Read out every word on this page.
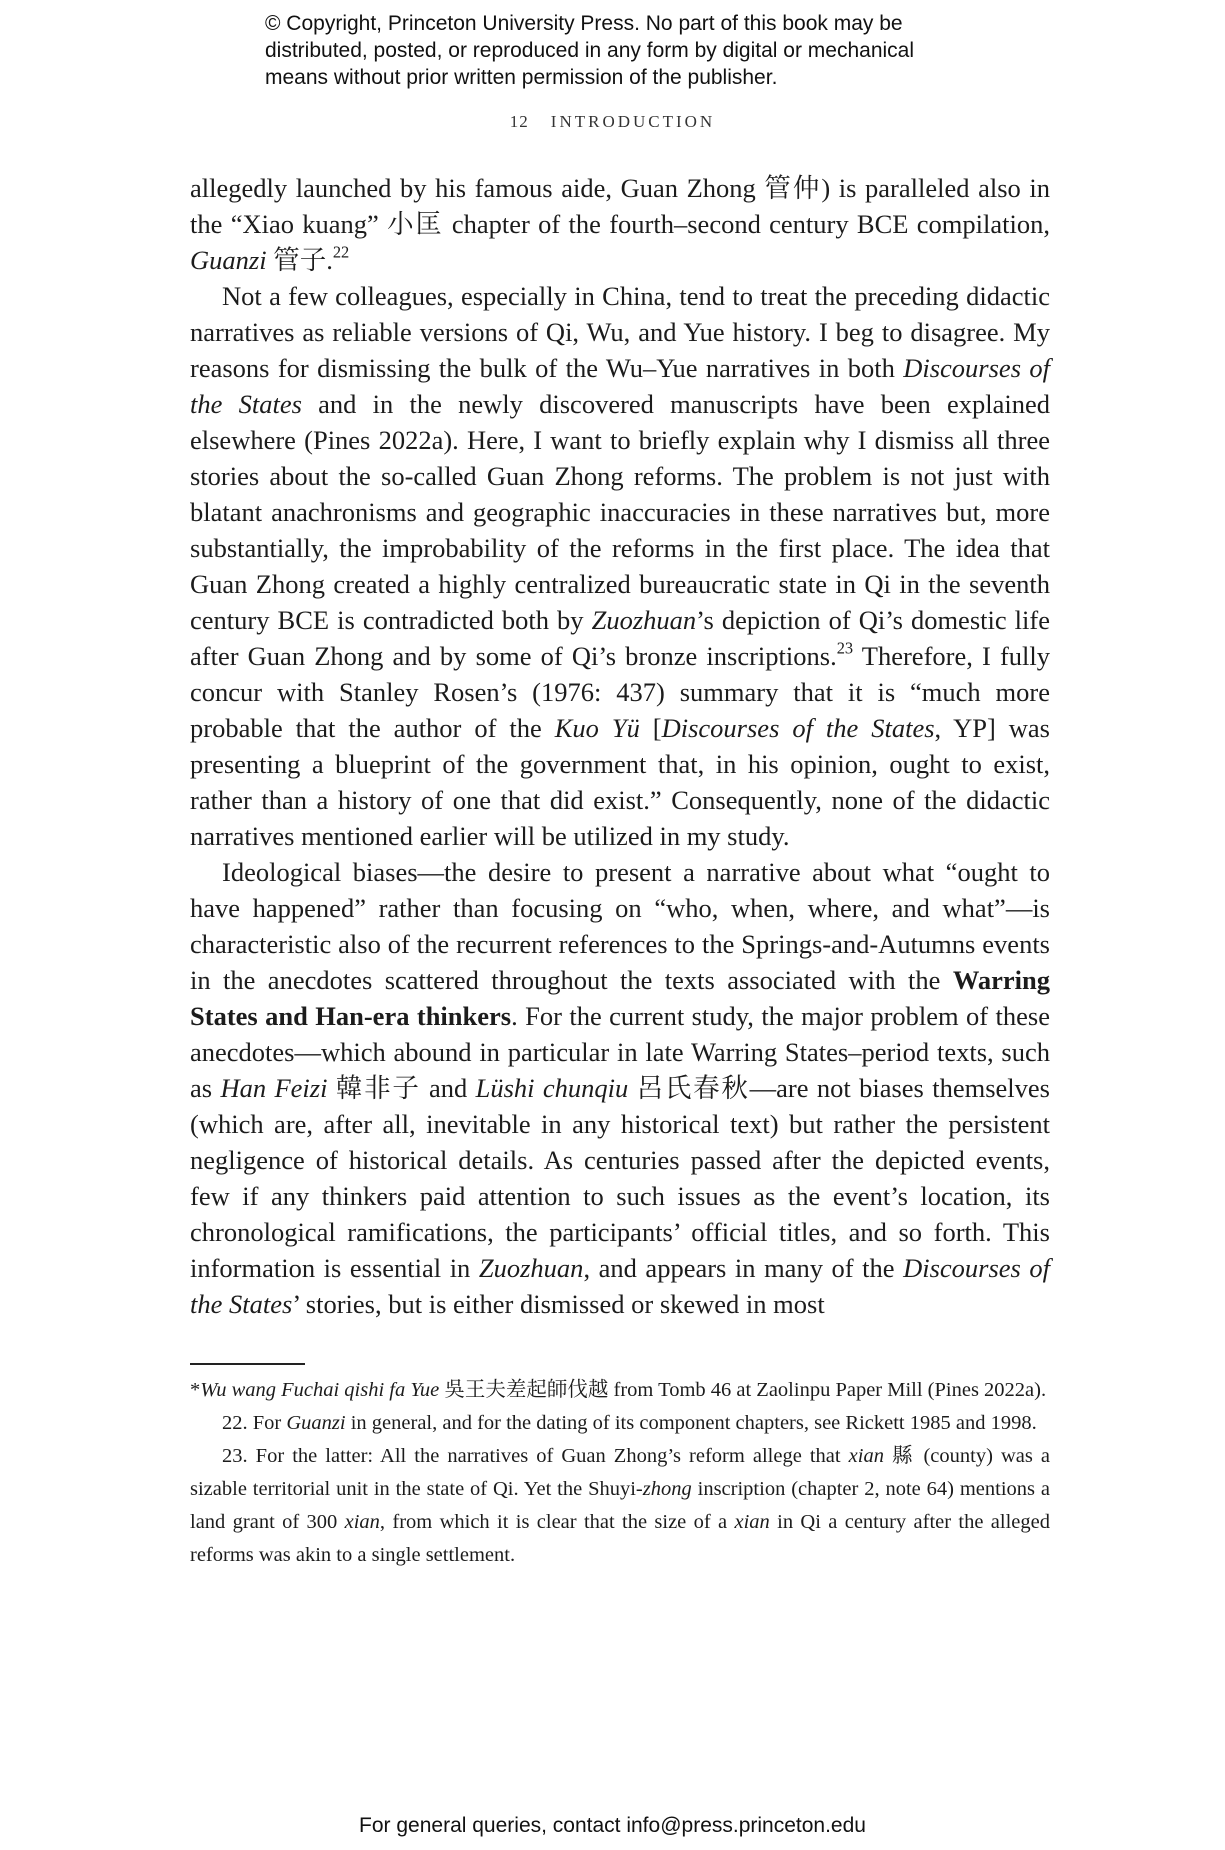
© Copyright, Princeton University Press. No part of this book may be
distributed, posted, or reproduced in any form by digital or mechanical
means without prior written permission of the publisher.
12 INTRODUCTION

allegedly launched by his famous aide, Guan Zhong 管仲) is paralleled also in the “Xiao kuang” 小匡 chapter of the fourth–second century BCE compilation, Guanzi 管子.$^{22}$

Not a few colleagues, especially in China, tend to treat the preceding didactic narratives as reliable versions of Qi, Wu, and Yue history. I beg to disagree. My reasons for dismissing the bulk of the Wu–Yue narratives in both Discourses of the States and in the newly discovered manuscripts have been explained elsewhere (Pines 2022a). Here, I want to briefly explain why I dismiss all three stories about the so-called Guan Zhong reforms. The problem is not just with blatant anachronisms and geographic inaccuracies in these narratives but, more substantially, the improbability of the reforms in the first place. The idea that Guan Zhong created a highly centralized bureaucratic state in Qi in the seventh century BCE is contradicted both by Zuozhuan’s depiction of Qi’s domestic life after Guan Zhong and by some of Qi’s bronze inscriptions.$^{23}$ Therefore, I fully concur with Stanley Rosen’s (1976: 437) summary that it is “much more probable that the author of the Kuo Yü [Discourses of the States, YP] was presenting a blueprint of the government that, in his opinion, ought to exist, rather than a history of one that did exist.” Consequently, none of the didactic narratives mentioned earlier will be utilized in my study.

Ideological biases—the desire to present a narrative about what “ought to have happened” rather than focusing on “who, when, where, and what”—is characteristic also of the recurrent references to the Springs-and-Autumns events in the anecdotes scattered throughout the texts associated with the Warring States and Han-era thinkers. For the current study, the major problem of these anecdotes—which abound in particular in late Warring States–period texts, such as Han Feizi 韓非子 and Lüshi chunqiu 呂氏春秋—are not biases themselves (which are, after all, inevitable in any historical text) but rather the persistent negligence of historical details. As centuries passed after the depicted events, few if any thinkers paid attention to such issues as the event’s location, its chronological ramifications, the participants’ official titles, and so forth. This information is essential in Zuozhuan, and appears in many of the Discourses of the States’ stories, but is either dismissed or skewed in most

*Wu wang Fuchai qishi fa Yue 吳王夫差起師伐越 from Tomb 46 at Zaolinpu Paper Mill (Pines 2022a).

22. For Guanzi in general, and for the dating of its component chapters, see Rickett 1985 and 1998.

23. For the latter: All the narratives of Guan Zhong’s reform allege that xian 縣 (county) was a sizable territorial unit in the state of Qi. Yet the Shuyi-zhong inscription (chapter 2, note 64) mentions a land grant of 300 xian, from which it is clear that the size of a xian in Qi a century after the alleged reforms was akin to a single settlement.

For general queries, contact info@press.princeton.edu
